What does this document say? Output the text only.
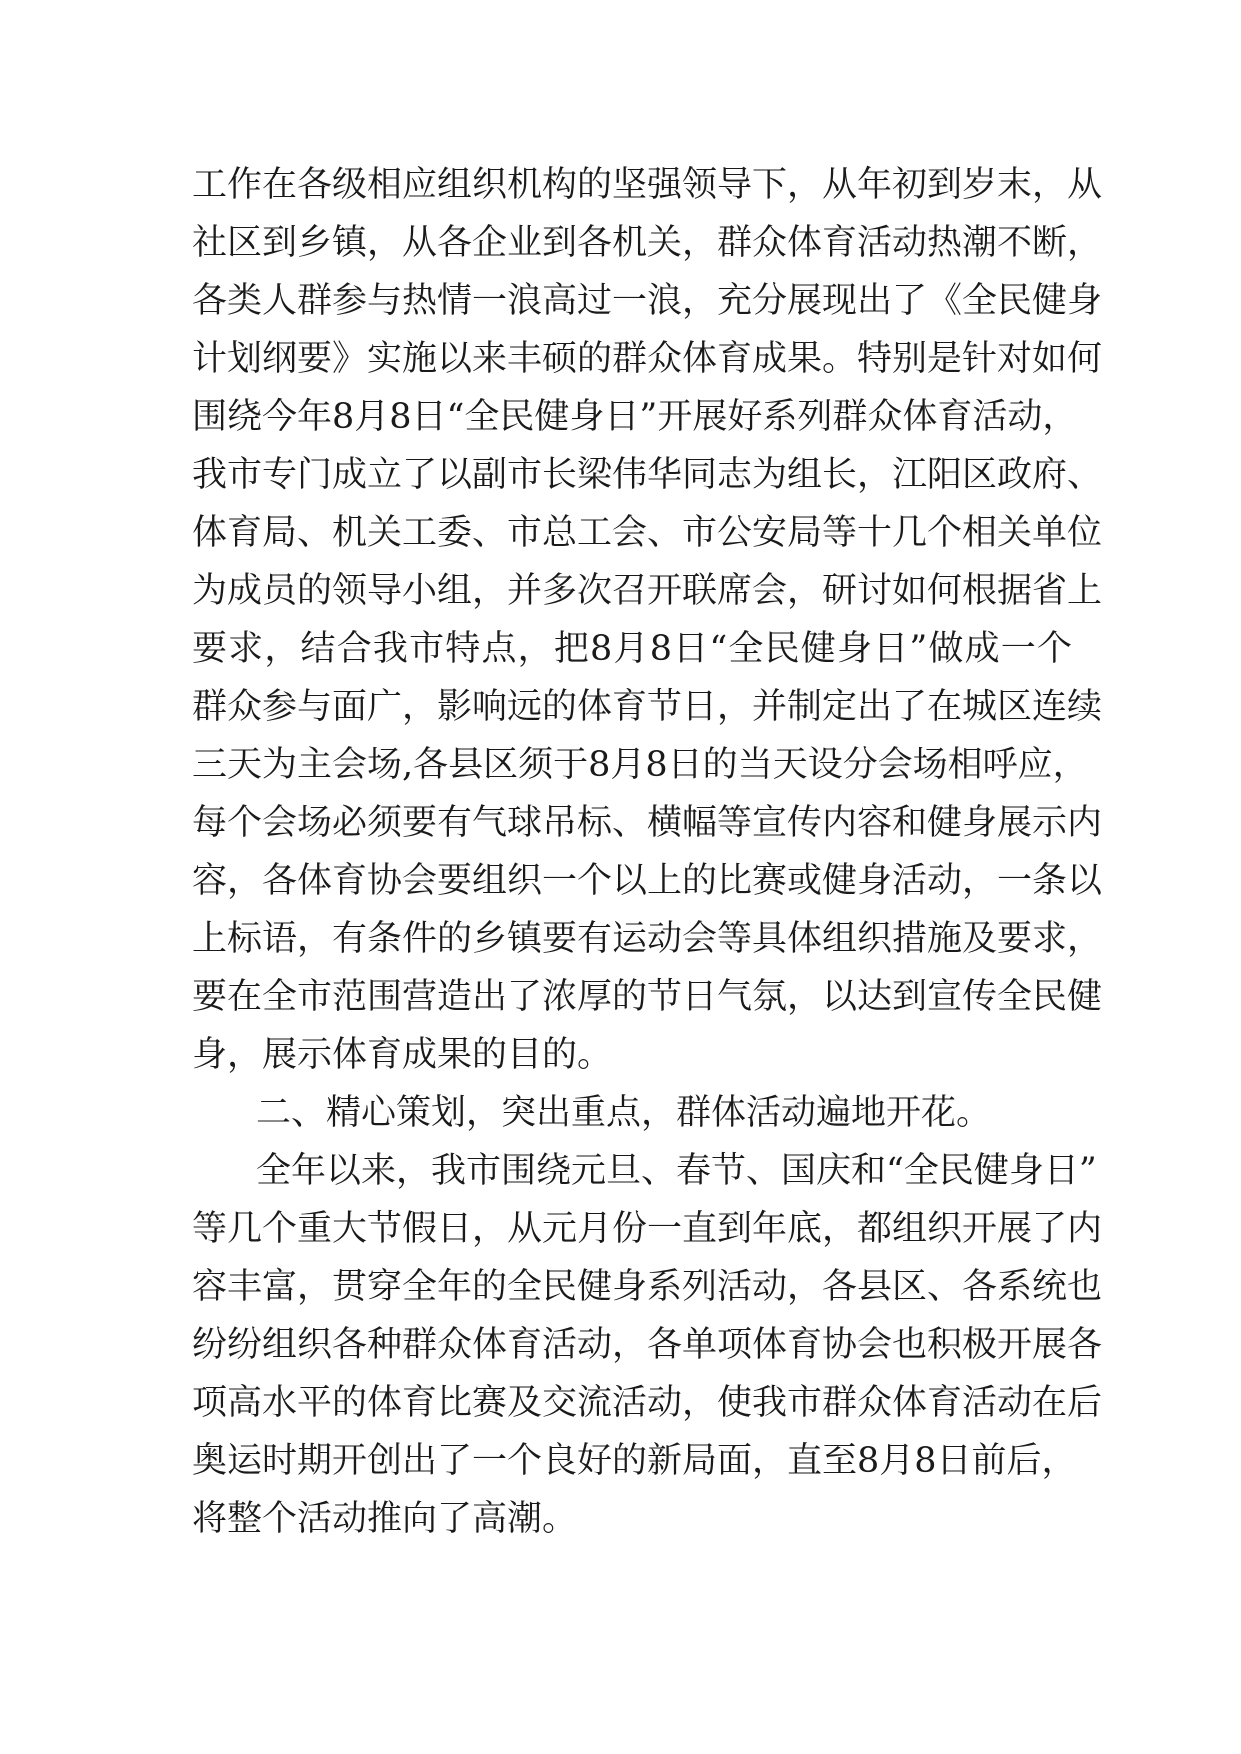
工作在各级相应组织机构的坚强领导下，从年初到岁末，从
社区到乡镇，从各企业到各机关，群众体育活动热潮不断，
各类人群参与热情一浪高过一浪，充分展现出了《全民健身
计划纲要》实施以来丰硕的群众体育成果。特别是针对如何
围绕今年8月8日“全民健身日”开展好系列群众体育活动，
我市专门成立了以副市长梁伟华同志为组长，江阳区政府、
体育局、机关工委、市总工会、市公安局等十几个相关单位
为成员的领导小组，并多次召开联席会，研讨如何根据省上
要求，结合我市特点，把8月8日“全民健身日”做成一个
群众参与面广，影响远的体育节日，并制定出了在城区连续
三天为主会场,各县区须于8月8日的当天设分会场相呼应，
每个会场必须要有气球吊标、横幅等宣传内容和健身展示内
容，各体育协会要组织一个以上的比赛或健身活动，一条以
上标语，有条件的乡镇要有运动会等具体组织措施及要求，
要在全市范围营造出了浓厚的节日气氛，以达到宣传全民健
身，展示体育成果的目的。
二、精心策划，突出重点，群体活动遍地开花。
全年以来，我市围绕元旦、春节、国庆和“全民健身日”
等几个重大节假日，从元月份一直到年底，都组织开展了内
容丰富，贯穿全年的全民健身系列活动，各县区、各系统也
纷纷组织各种群众体育活动，各单项体育协会也积极开展各
项高水平的体育比赛及交流活动，使我市群众体育活动在后
奥运时期开创出了一个良好的新局面，直至8月8日前后，
将整个活动推向了高潮。
